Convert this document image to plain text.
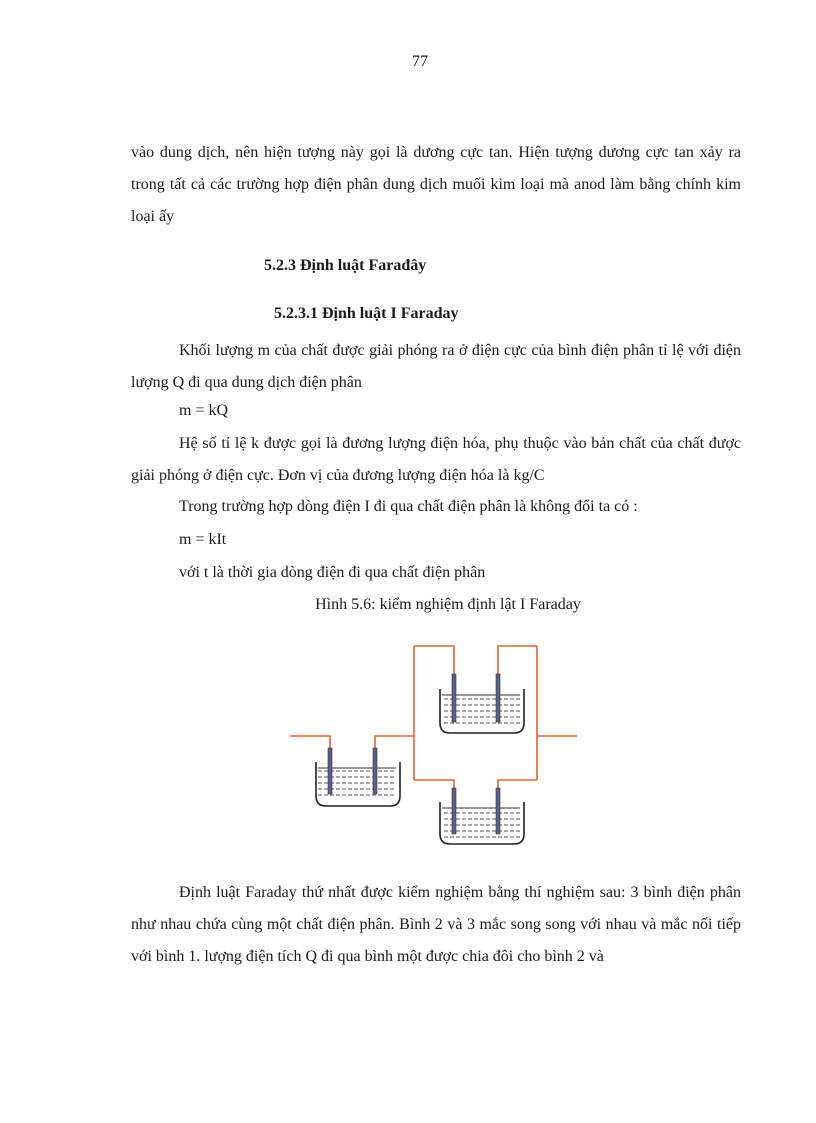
77

vào dung dịch, nên hiện tượng này gọi là dương cực tan. Hiện tượng dương cực tan xảy ra trong tất cả các trường hợp điện phân dung dịch muối kim loại mà anod làm bằng chính kim loại ấy

5.2.3 Định luật Farađây
5.2.3.1 Định luật I Faraday

Khối lượng m của chất được giải phóng ra ở điện cực của bình điện phân tỉ lệ với điện lượng Q đi qua dung dịch điện phân

m = kQ

Hệ số tỉ lệ k được gọi là đương lượng điện hóa, phụ thuộc vào bản chất của chất được giải phóng ở điện cực. Đơn vị của đương lượng điện hóa là kg/C

Trong trường hợp dòng điện I đi qua chất điện phân là không đổi ta có :
m = kIt
với t là thời gia dòng điện đi qua chất điện phân
Hình 5.6: kiểm nghiệm định lật I Faraday

Định luật Faraday thứ nhất được kiểm nghiệm bằng thí nghiệm sau: 3 bình điện phân như nhau chứa cùng một chất điện phân. Bình 2 và 3 mắc song song với nhau và mắc nối tiếp với bình 1. lượng điện tích Q đi qua bình một được chia đôi cho bình 2 và
